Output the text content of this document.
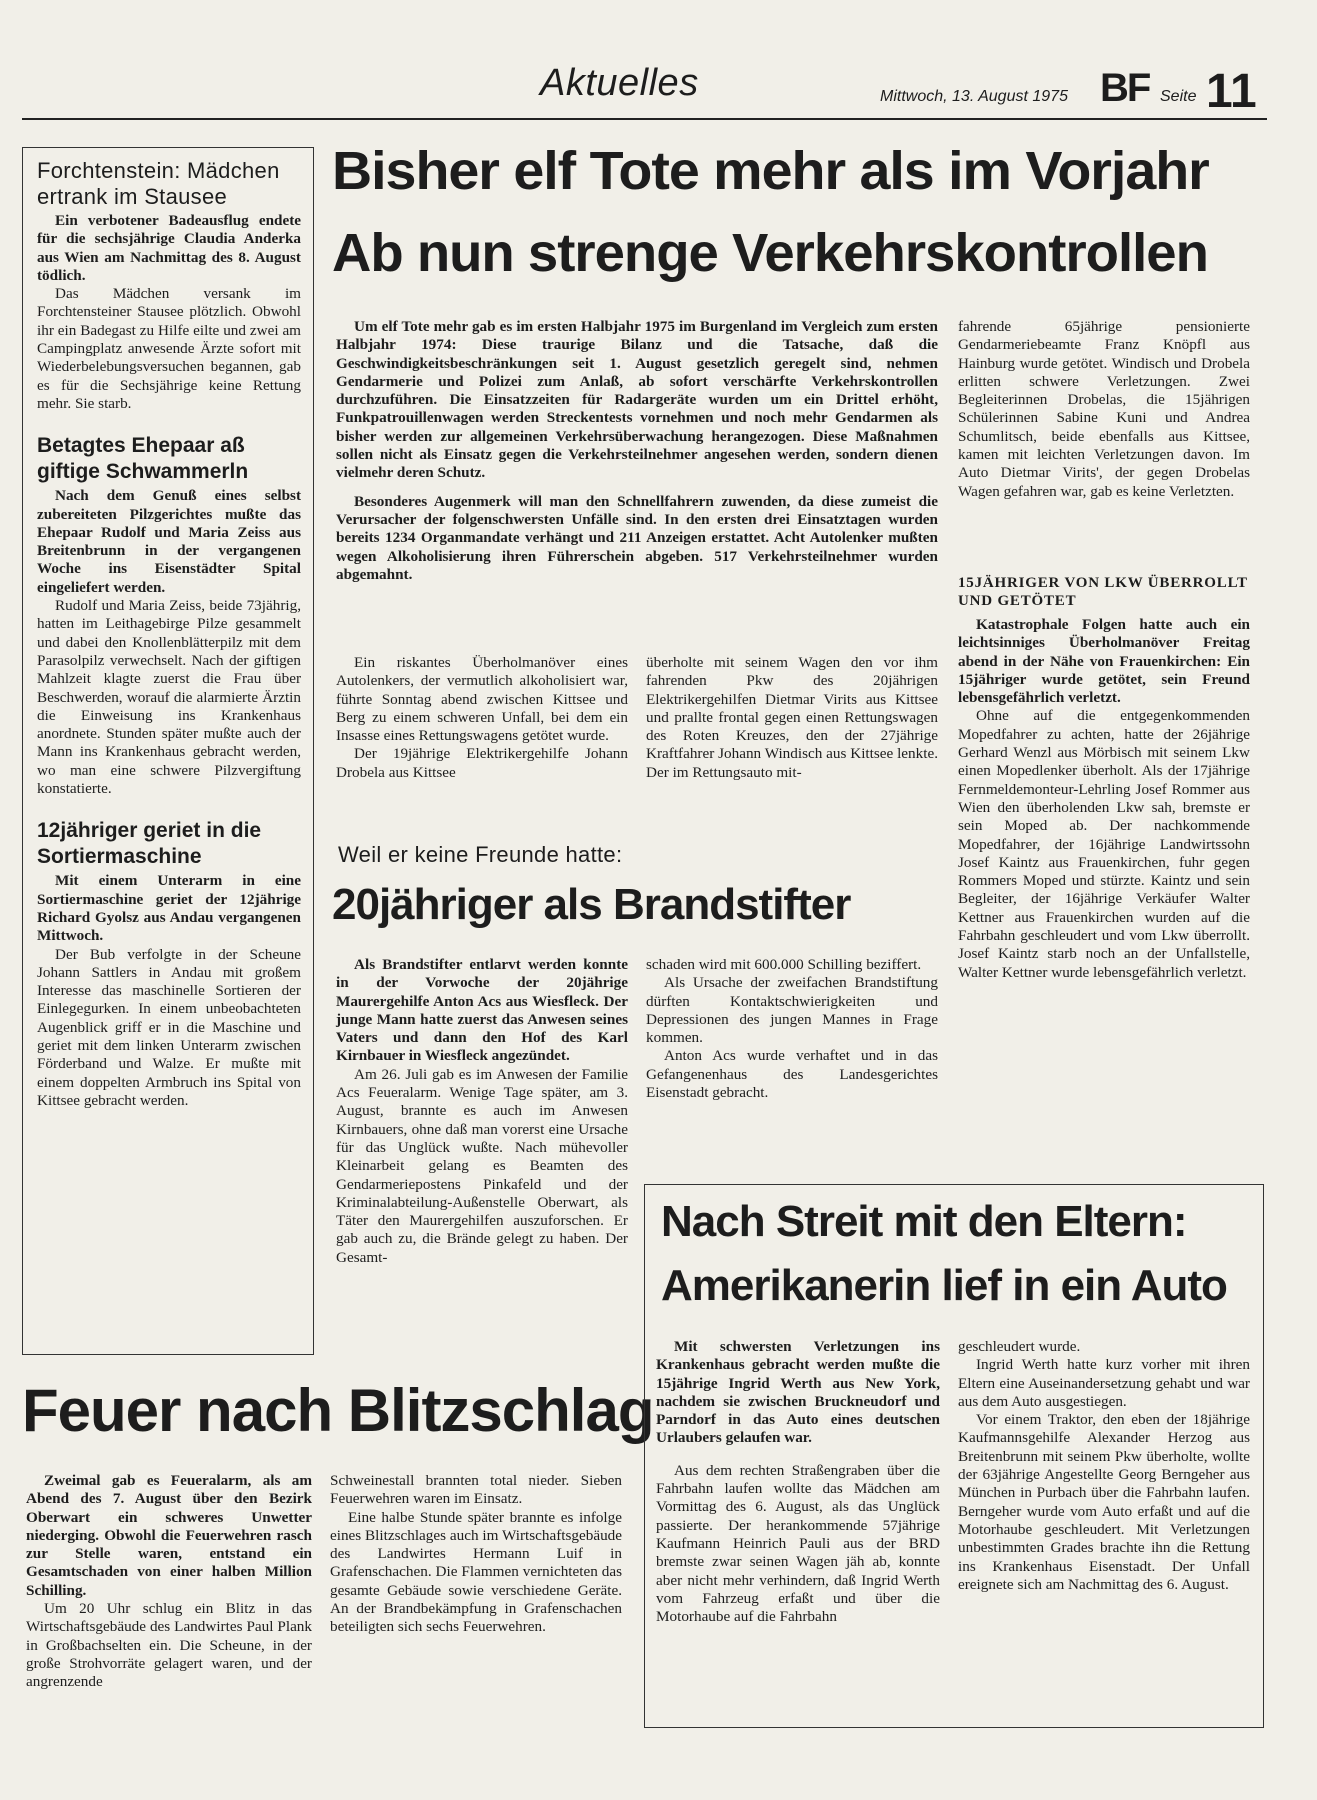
Aktuelles	Mittwoch, 13. August 1975 BF Seite 11
Forchtenstein: Mädchen ertrank im Stausee

Ein verbotener Badeausflug endete für die sechsjährige Claudia Anderka aus Wien am Nachmittag des 8. August tödlich.

Das Mädchen versank im Forchtensteiner Stausee plötzlich. Obwohl ihr ein Badegast zu Hilfe eilte und zwei am Campingplatz anwesende Ärzte sofort mit Wiederbelebungsversuchen begannen, gab es für die Sechsjährige keine Rettung mehr. Sie starb.

Betagtes Ehepaar aß giftige Schwammerln

Nach dem Genuß eines selbst zubereiteten Pilzgerichtes mußte das Ehepaar Rudolf und Maria Zeiss aus Breitenbrunn in der vergangenen Woche ins Eisenstädter Spital eingeliefert werden.

Rudolf und Maria Zeiss, beide 73jährig, hatten im Leithagebirge Pilze gesammelt und dabei den Knollenblätterpilz mit dem Parasolpilz verwechselt. Nach der giftigen Mahlzeit klagte zuerst die Frau über Beschwerden, worauf die alarmierte Ärztin die Einweisung ins Krankenhaus anordnete. Stunden später mußte auch der Mann ins Krankenhaus gebracht werden, wo man eine schwere Pilzvergiftung konstatierte.

12jähriger geriet in die Sortiermaschine

Mit einem Unterarm in eine Sortiermaschine geriet der 12jährige Richard Gyolsz aus Andau vergangenen Mittwoch.

Der Bub verfolgte in der Scheune Johann Sattlers in Andau mit großem Interesse das maschinelle Sortieren der Einlegegurken. In einem unbeobachteten Augenblick griff er in die Maschine und geriet mit dem linken Unterarm zwischen Förderband und Walze. Er mußte mit einem doppelten Armbruch ins Spital von Kittsee gebracht werden.

Bisher elf Tote mehr als im Vorjahr
Ab nun strenge Verkehrskontrollen

Um elf Tote mehr gab es im ersten Halbjahr 1975 im Burgenland im Vergleich zum ersten Halbjahr 1974: Diese traurige Bilanz und die Tatsache, daß die Geschwindigkeitsbeschränkungen seit 1. August gesetzlich geregelt sind, nehmen Gendarmerie und Polizei zum Anlaß, ab sofort verschärfte Verkehrskontrollen durchzuführen. Die Einsatzzeiten für Radargeräte wurden um ein Drittel erhöht, Funkpatrouillenwagen werden Streckentests vornehmen und noch mehr Gendarmen als bisher werden zur allgemeinen Verkehrsüberwachung herangezogen. Diese Maßnahmen sollen nicht als Einsatz gegen die Verkehrsteilnehmer angesehen werden, sondern dienen vielmehr deren Schutz.

Besonderes Augenmerk will man den Schnellfahrern zuwenden, da diese zumeist die Verursacher der folgenschwersten Unfälle sind. In den ersten drei Einsatztagen wurden bereits 1234 Organmandate verhängt und 211 Anzeigen erstattet. Acht Autolenker mußten wegen Alkoholisierung ihren Führerschein abgeben. 517 Verkehrsteilnehmer wurden abgemahnt.

Ein riskantes Überholmanöver eines Autolenkers, der vermutlich alkoholisiert war, führte Sonntag abend zwischen Kittsee und Berg zu einem schweren Unfall, bei dem ein Insasse eines Rettungswagens getötet wurde.

Der 19jährige Elektrikergehilfe Johann Drobela aus Kittsee

überholte mit seinem Wagen den vor ihm fahrenden Pkw des 20jährigen Elektrikergehilfen Dietmar Virits aus Kittsee und prallte frontal gegen einen Rettungswagen des Roten Kreuzes, den der 27jährige Kraftfahrer Johann Windisch aus Kittsee lenkte. Der im Rettungsauto mit-

fahrende 65jährige pensionierte Gendarmeriebeamte Franz Knöpfl aus Hainburg wurde getötet. Windisch und Drobela erlitten schwere Verletzungen. Zwei Begleiterinnen Drobelas, die 15jährigen Schülerinnen Sabine Kuni und Andrea Schumlitsch, beide ebenfalls aus Kittsee, kamen mit leichten Verletzungen davon. Im Auto Dietmar Virits', der gegen Drobelas Wagen gefahren war, gab es keine Verletzten.

15JÄHRIGER VON LKW ÜBERROLLT UND GETÖTET

Katastrophale Folgen hatte auch ein leichtsinniges Überholmanöver Freitag abend in der Nähe von Frauenkirchen: Ein 15jähriger wurde getötet, sein Freund lebensgefährlich verletzt.

Ohne auf die entgegenkommenden Mopedfahrer zu achten, hatte der 26jährige Gerhard Wenzl aus Mörbisch mit seinem Lkw einen Mopedlenker überholt. Als der 17jährige Fernmeldemonteur-Lehrling Josef Rommer aus Wien den überholenden Lkw sah, bremste er sein Moped ab. Der nachkommende Mopedfahrer, der 16jährige Landwirtssohn Josef Kaintz aus Frauenkirchen, fuhr gegen Rommers Moped und stürzte. Kaintz und sein Begleiter, der 16jährige Verkäufer Walter Kettner aus Frauenkirchen wurden auf die Fahrbahn geschleudert und vom Lkw überrollt. Josef Kaintz starb noch an der Unfallstelle, Walter Kettner wurde lebensgefährlich verletzt.

Weil er keine Freunde hatte:
20jähriger als Brandstifter

Als Brandstifter entlarvt werden konnte in der Vorwoche der 20jährige Maurergehilfe Anton Acs aus Wiesfleck. Der junge Mann hatte zuerst das Anwesen seines Vaters und dann den Hof des Karl Kirnbauer in Wiesfleck angezündet.

Am 26. Juli gab es im Anwesen der Familie Acs Feueralarm. Wenige Tage später, am 3. August, brannte es auch im Anwesen Kirnbauers, ohne daß man vorerst eine Ursache für das Unglück wußte. Nach mühevoller Kleinarbeit gelang es Beamten des Gendarmeriepostens Pinkafeld und der Kriminalabteilung-Außenstelle Oberwart, als Täter den Maurergehilfen auszuforschen. Er gab auch zu, die Brände gelegt zu haben. Der Gesamt-

schaden wird mit 600.000 Schilling beziffert.

Als Ursache der zweifachen Brandstiftung dürften Kontaktschwierigkeiten und Depressionen des jungen Mannes in Frage kommen.

Anton Acs wurde verhaftet und in das Gefangenenhaus des Landesgerichtes Eisenstadt gebracht.

Feuer nach Blitzschlag

Zweimal gab es Feueralarm, als am Abend des 7. August über den Bezirk Oberwart ein schweres Unwetter niederging. Obwohl die Feuerwehren rasch zur Stelle waren, entstand ein Gesamtschaden von einer halben Million Schilling.

Um 20 Uhr schlug ein Blitz in das Wirtschaftsgebäude des Landwirtes Paul Plank in Großbachselten ein. Die Scheune, in der große Strohvorräte gelagert waren, und der angrenzende

Schweinestall brannten total nieder. Sieben Feuerwehren waren im Einsatz.

Eine halbe Stunde später brannte es infolge eines Blitzschlages auch im Wirtschaftsgebäude des Landwirtes Hermann Luif in Grafenschachen. Die Flammen vernichteten das gesamte Gebäude sowie verschiedene Geräte. An der Brandbekämpfung in Grafenschachen beteiligten sich sechs Feuerwehren.

Nach Streit mit den Eltern:
Amerikanerin lief in ein Auto

Mit schwersten Verletzungen ins Krankenhaus gebracht werden mußte die 15jährige Ingrid Werth aus New York, nachdem sie zwischen Bruckneudorf und Parndorf in das Auto eines deutschen Urlaubers gelaufen war.

Aus dem rechten Straßengraben über die Fahrbahn laufen wollte das Mädchen am Vormittag des 6. August, als das Unglück passierte. Der herankommende 57jährige Kaufmann Heinrich Pauli aus der BRD bremste zwar seinen Wagen jäh ab, konnte aber nicht mehr verhindern, daß Ingrid Werth vom Fahrzeug erfaßt und über die Motorhaube auf die Fahrbahn

geschleudert wurde.

Ingrid Werth hatte kurz vorher mit ihren Eltern eine Auseinandersetzung gehabt und war aus dem Auto ausgestiegen.

Vor einem Traktor, den eben der 18jährige Kaufmannsgehilfe Alexander Herzog aus Breitenbrunn mit seinem Pkw überholte, wollte der 63jährige Angestellte Georg Berngeher aus München in Purbach über die Fahrbahn laufen. Berngeher wurde vom Auto erfaßt und auf die Motorhaube geschleudert. Mit Verletzungen unbestimmten Grades brachte ihn die Rettung ins Krankenhaus Eisenstadt. Der Unfall ereignete sich am Nachmittag des 6. August.
